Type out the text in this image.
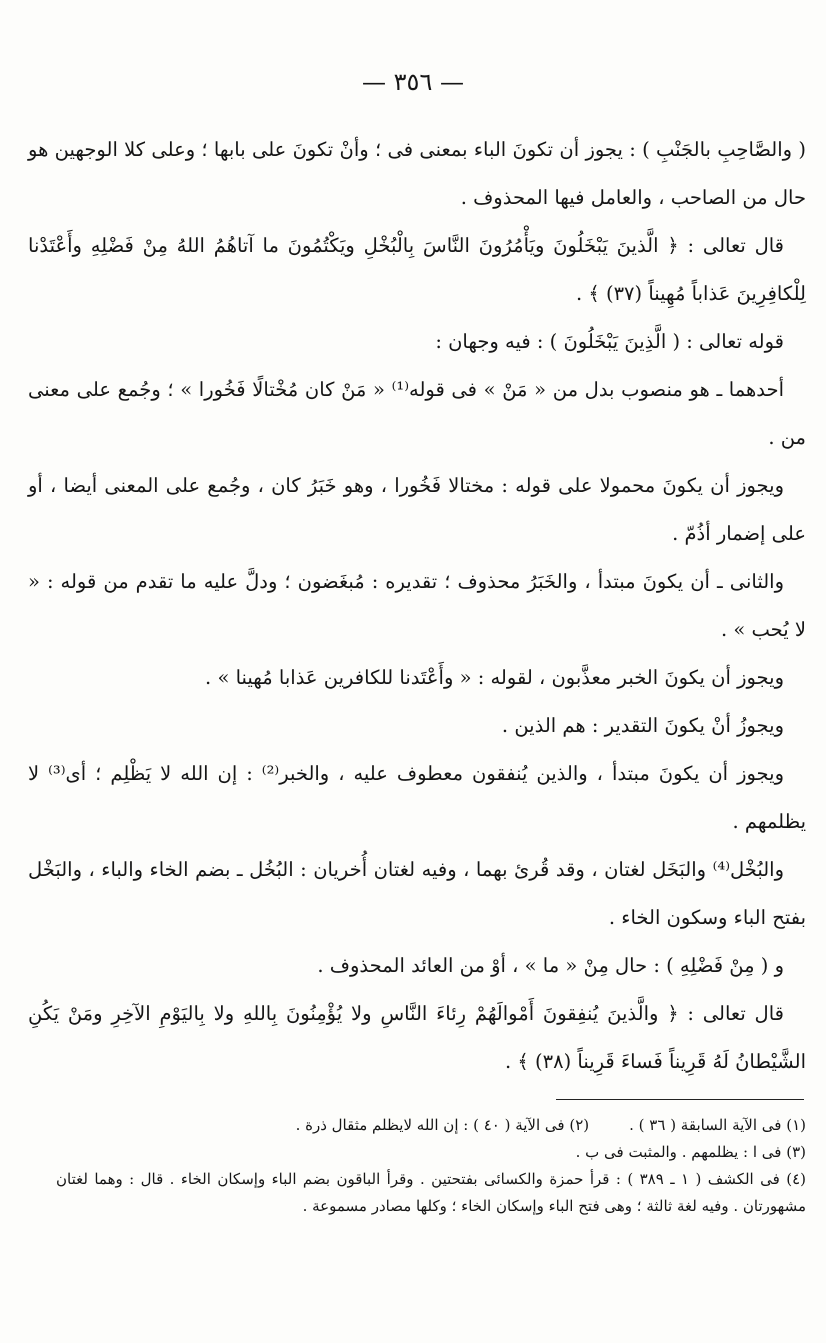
— ٣٥٦ —

( والصَّاحِبِ بالجَنْبِ ) : يجوز أن تكونَ الباء بمعنى فى ؛ وأنْ تكونَ على بابها ؛ وعلى كلا الوجهين هو حال من الصاحب ، والعامل فيها المحذوف .

قال تعالى : ﴿ الَّذينَ يَبْخَلُونَ ويَأْمُرُونَ النَّاسَ بِالْبُخْلِ ويَكْتُمُونَ ما آتاهُمُ اللهُ مِنْ فَضْلِهِ وأَعْتَدْنا لِلْكافِرِينَ عَذاباً مُهِيناً (٣٧) ﴾ .

قوله تعالى : ( الَّذِينَ يَبْخَلُونَ ) : فيه وجهان :

أحدهما ـ هو منصوب بدل من « مَنْ » فى قوله⁽¹⁾ « مَنْ كان مُخْتالًا فَخُورا » ؛ وجُمع على معنى من .

ويجوز أن يكونَ محمولا على قوله : مختالا فَخُورا ، وهو خَبَرُ كان ، وجُمع على المعنى أيضا ، أو على إضمار أذُمّ .

والثانى ـ أن يكونَ مبتدأ ، والخَبَرُ محذوف ؛ تقديره : مُبغَضون ؛ ودلَّ عليه ما تقدم من قوله : « لا يُحب » .

ويجوز أن يكونَ الخبر معذَّبون ، لقوله : « وأَعْتَدنا للكافرين عَذابا مُهينا » .

ويجوزُ أنْ يكونَ التقدير : هم الذين .

ويجوز أن يكونَ مبتدأ ، والذين يُنفقون معطوف عليه ، والخبر⁽²⁾ : إن الله لا يَظْلِم ؛ أى⁽³⁾ لا يظلمهم .

والبُخْل⁽⁴⁾ والبَخَل لغتان ، وقد قُرئ بهما ، وفيه لغتان أُخريان : البُخُل ـ بضم الخاء والباء ، والبَخْل بفتح الباء وسكون الخاء .

و ( مِنْ فَضْلِهِ ) : حال مِنْ « ما » ، أوْ من العائد المحذوف .

قال تعالى : ﴿ والَّذينَ يُنفِقونَ أَمْوالَهُمْ رِئاءَ النَّاسِ ولا يُؤْمِنُونَ بِاللهِ ولا بِاليَوْمِ الآخِرِ ومَنْ يَكُنِ الشَّيْطانُ لَهُ قَرِيناً فَساءَ قَرِيناً (٣٨) ﴾ .

(١) فى الآية السابقة ( ٣٦ ) .

(٢) فى الآية ( ٤٠ ) : إن الله لايظلم مثقال ذرة .

(٣) فى ا : يظلمهم . والمثبت فى ب .

(٤) فى الكشف ( ١ ـ ٣٨٩ ) : قرأ حمزة والكسائى بفتحتين . وقرأ الباقون بضم الباء وإسكان الخاء . قال : وهما لغتان مشهورتان . وفيه لغة ثالثة ؛ وهى فتح الباء وإسكان الخاء ؛ وكلها مصادر مسموعة .
